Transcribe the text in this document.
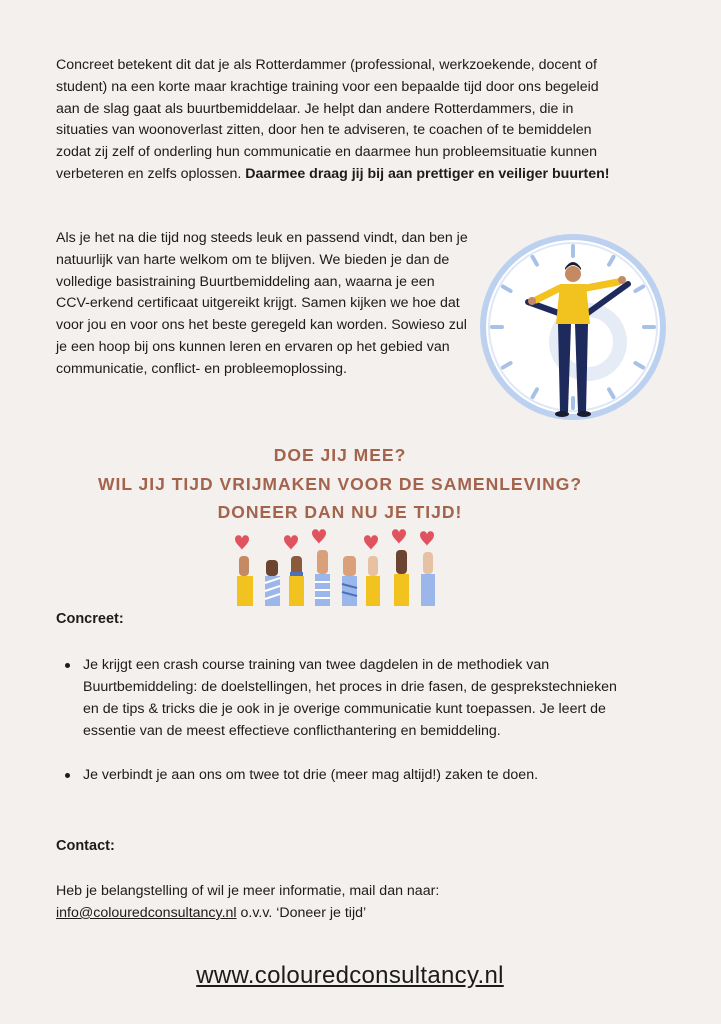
Concreet betekent dit dat je als Rotterdammer (professional, werkzoekende, docent of student) na een korte maar krachtige training voor een bepaalde tijd door ons begeleid aan de slag gaat als buurtbemiddelaar. Je helpt dan andere Rotterdammers, die in situaties van woonoverlast zitten, door hen te adviseren, te coachen of te bemiddelen zodat zij zelf of onderling hun communicatie en daarmee hun probleemsituatie kunnen verbeteren en zelfs oplossen. Daarmee draag jij bij aan prettiger en veiliger buurten!

Als je het na die tijd nog steeds leuk en passend vindt, dan ben je natuurlijk van harte welkom om te blijven. We bieden je dan de volledige basistraining Buurtbemiddeling aan, waarna je een CCV-erkend certificaat uitgereikt krijgt. Samen kijken we hoe dat voor jou en voor ons het beste geregeld kan worden. Sowieso zul je een hoop bij ons kunnen leren en ervaren op het gebied van communicatie, conflict- en probleemoplossing.

DOE JIJ MEE?
WIL JIJ TIJD VRIJMAKEN VOOR DE SAMENLEVING?
DONEER DAN NU JE TIJD!
Concreet:
Je krijgt een crash course training van twee dagdelen in de methodiek van Buurtbemiddeling: de doelstellingen, het proces in drie fasen, de gesprekstechnieken en de tips & tricks die je ook in je overige communicatie kunt toepassen. Je leert de essentie van de meest effectieve conflicthantering en bemiddeling.
Je verbindt je aan ons om twee tot drie (meer mag altijd!) zaken te doen.
Contact:
Heb je belangstelling of wil je meer informatie, mail dan naar:
info@colouredconsultancy.nl o.v.v. ‘Doneer je tijd’
www.colouredconsultancy.nl
